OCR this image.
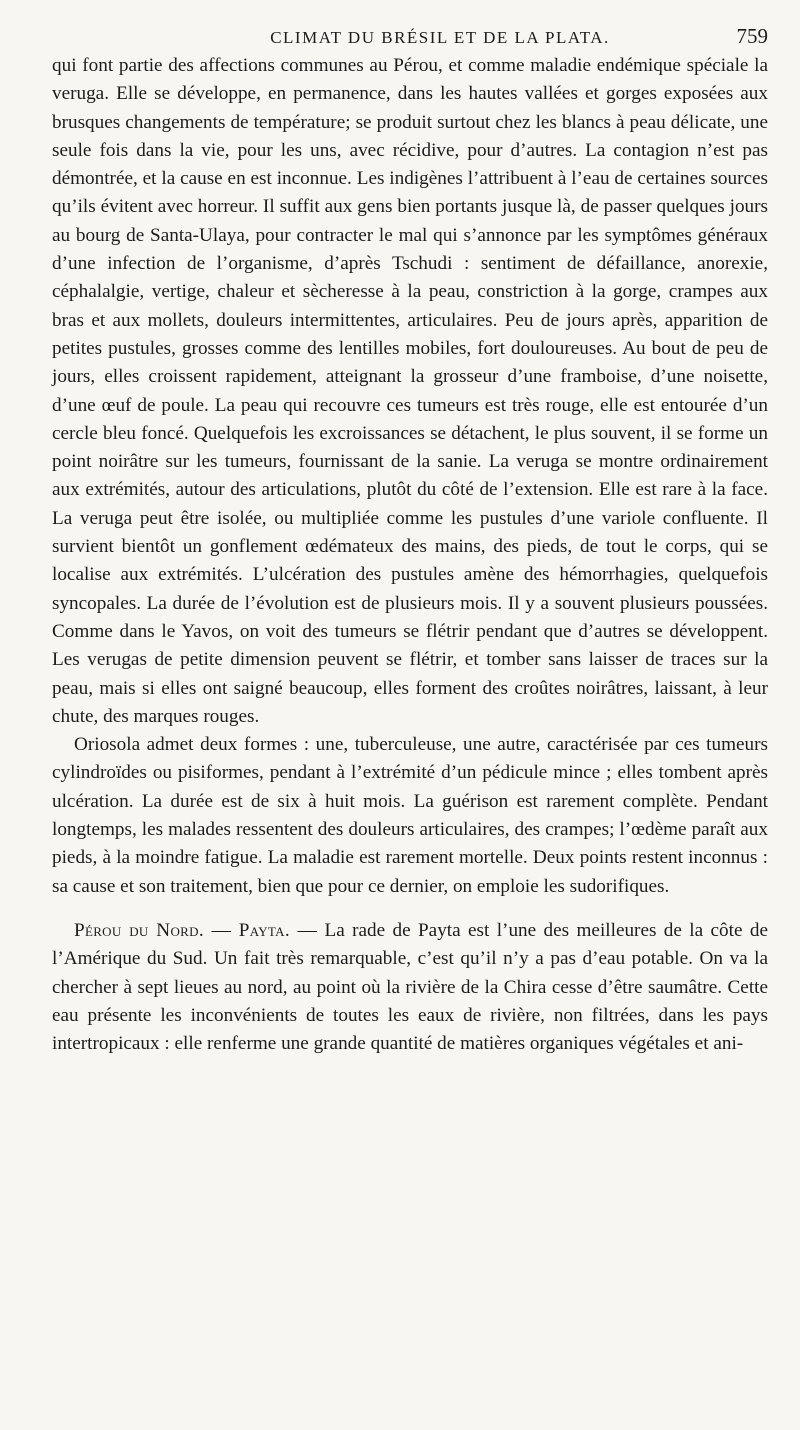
CLIMAT DU BRÉSIL ET DE LA PLATA.	759

qui font partie des affections communes au Pérou, et comme maladie endémique spéciale la veruga. Elle se développe, en permanence, dans les hautes vallées et gorges exposées aux brusques changements de température; se produit surtout chez les blancs à peau délicate, une seule fois dans la vie, pour les uns, avec récidive, pour d’autres. La contagion n’est pas démontrée, et la cause en est inconnue. Les indigènes l’attribuent à l’eau de certaines sources qu’ils évitent avec horreur. Il suffit aux gens bien portants jusque là, de passer quelques jours au bourg de Santa-Ulaya, pour contracter le mal qui s’annonce par les symptômes généraux d’une infection de l’organisme, d’après Tschudi : sentiment de défaillance, anorexie, céphalalgie, vertige, chaleur et sècheresse à la peau, constriction à la gorge, crampes aux bras et aux mollets, douleurs intermittentes, articulaires. Peu de jours après, apparition de petites pustules, grosses comme des lentilles mobiles, fort douloureuses. Au bout de peu de jours, elles croissent rapidement, atteignant la grosseur d’une framboise, d’une noisette, d’une œuf de poule. La peau qui recouvre ces tumeurs est très rouge, elle est entourée d’un cercle bleu foncé. Quelquefois les excroissances se détachent, le plus souvent, il se forme un point noirâtre sur les tumeurs, fournissant de la sanie. La veruga se montre ordinairement aux extrémités, autour des articulations, plutôt du côté de l’extension. Elle est rare à la face. La veruga peut être isolée, ou multipliée comme les pustules d’une variole confluente. Il survient bientôt un gonflement œdémateux des mains, des pieds, de tout le corps, qui se localise aux extrémités. L’ulcération des pustules amène des hémorrhagies, quelquefois syncopales. La durée de l’évolution est de plusieurs mois. Il y a souvent plusieurs poussées. Comme dans le Yavos, on voit des tumeurs se flétrir pendant que d’autres se développent. Les verugas de petite dimension peuvent se flétrir, et tomber sans laisser de traces sur la peau, mais si elles ont saigné beaucoup, elles forment des croûtes noirâtres, laissant, à leur chute, des marques rouges.

Oriosola admet deux formes : une, tuberculeuse, une autre, caractérisée par ces tumeurs cylindroïdes ou pisiformes, pendant à l’extrémité d’un pédicule mince ; elles tombent après ulcération. La durée est de six à huit mois. La guérison est rarement complète. Pendant longtemps, les malades ressentent des douleurs articulaires, des crampes; l’œdème paraît aux pieds, à la moindre fatigue. La maladie est rarement mortelle. Deux points restent inconnus : sa cause et son traitement, bien que pour ce dernier, on emploie les sudorifiques.

Pérou du Nord. — Payta. — La rade de Payta est l’une des meilleures de la côte de l’Amérique du Sud. Un fait très remarquable, c’est qu’il n’y a pas d’eau potable. On va la chercher à sept lieues au nord, au point où la rivière de la Chira cesse d’être saumâtre. Cette eau présente les inconvénients de toutes les eaux de rivière, non filtrées, dans les pays intertropicaux : elle renferme une grande quantité de matières organiques végétales et ani-
